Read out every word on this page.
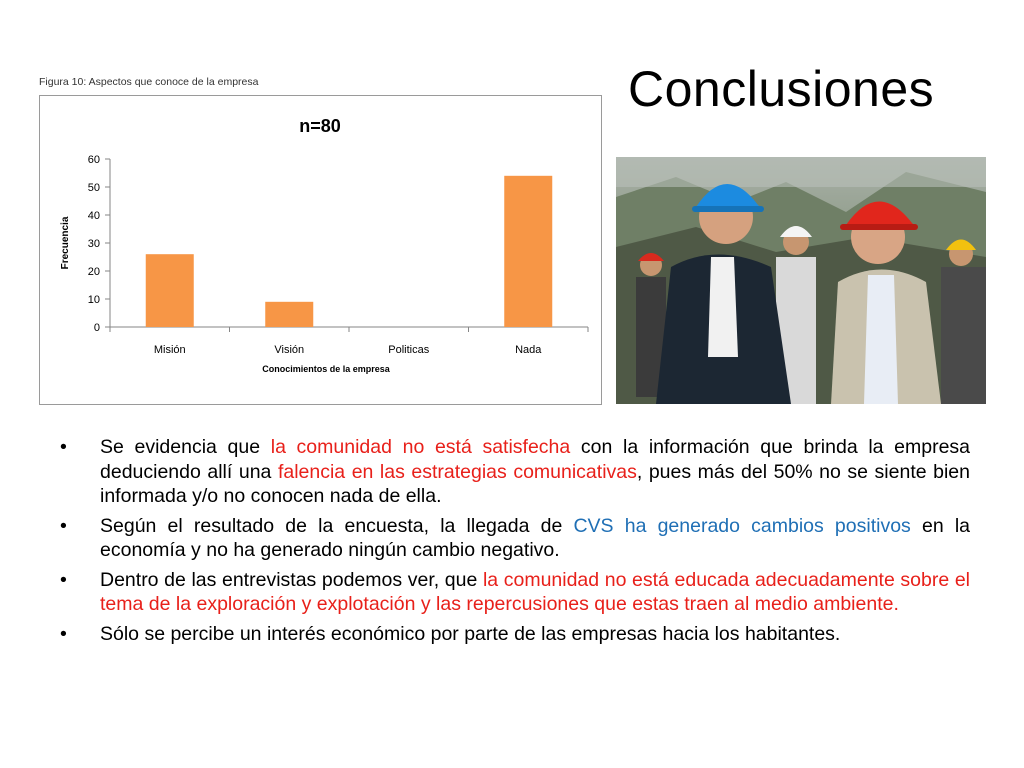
Figura 10: Aspectos que conoce de la empresa
n=80
Frecuencia
Conocimientos de la empresa
0
10
20
30
40
50
60
Misión	Visión	Politicas	Nada
Conclusiones
• Se evidencia que la comunidad no está satisfecha con la información que brinda la empresa deduciendo allí una falencia en las estrategias comunicativas, pues más del 50% no se siente bien informada y/o no conocen nada de ella.
• Según el resultado de la encuesta, la llegada de CVS ha generado cambios positivos en la economía y no ha generado ningún cambio negativo.
• Dentro de las entrevistas podemos ver, que la comunidad no está educada adecuadamente sobre el tema de la exploración y explotación y las repercusiones que estas traen al medio ambiente.
• Sólo se percibe un interés económico por parte de las empresas hacia los habitantes.
